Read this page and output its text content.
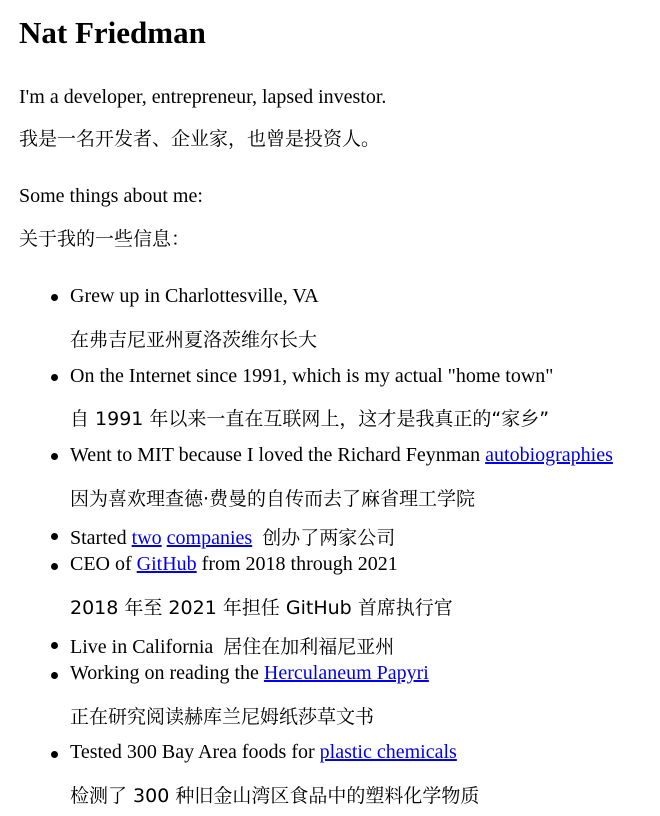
Nat Friedman
I'm a developer, entrepreneur, lapsed investor.
我是一名开发者、企业家，也曾是投资人。
Some things about me:
关于我的一些信息：
Grew up in Charlottesville, VA
在弗吉尼亚州夏洛茨维尔长大
On the Internet since 1991, which is my actual "home town"
自 1991 年以来一直在互联网上，这才是我真正的“家乡”
Went to MIT because I loved the Richard Feynman autobiographies
因为喜欢理查德·费曼的自传而去了麻省理工学院
Started two companies 创办了两家公司
CEO of GitHub from 2018 through 2021
2018 年至 2021 年担任 GitHub 首席执行官
Live in California 居住在加利福尼亚州
Working on reading the Herculaneum Papyri
正在研究阅读赫库兰尼姆纸莎草文书
Tested 300 Bay Area foods for plastic chemicals
检测了 300 种旧金山湾区食品中的塑料化学物质
